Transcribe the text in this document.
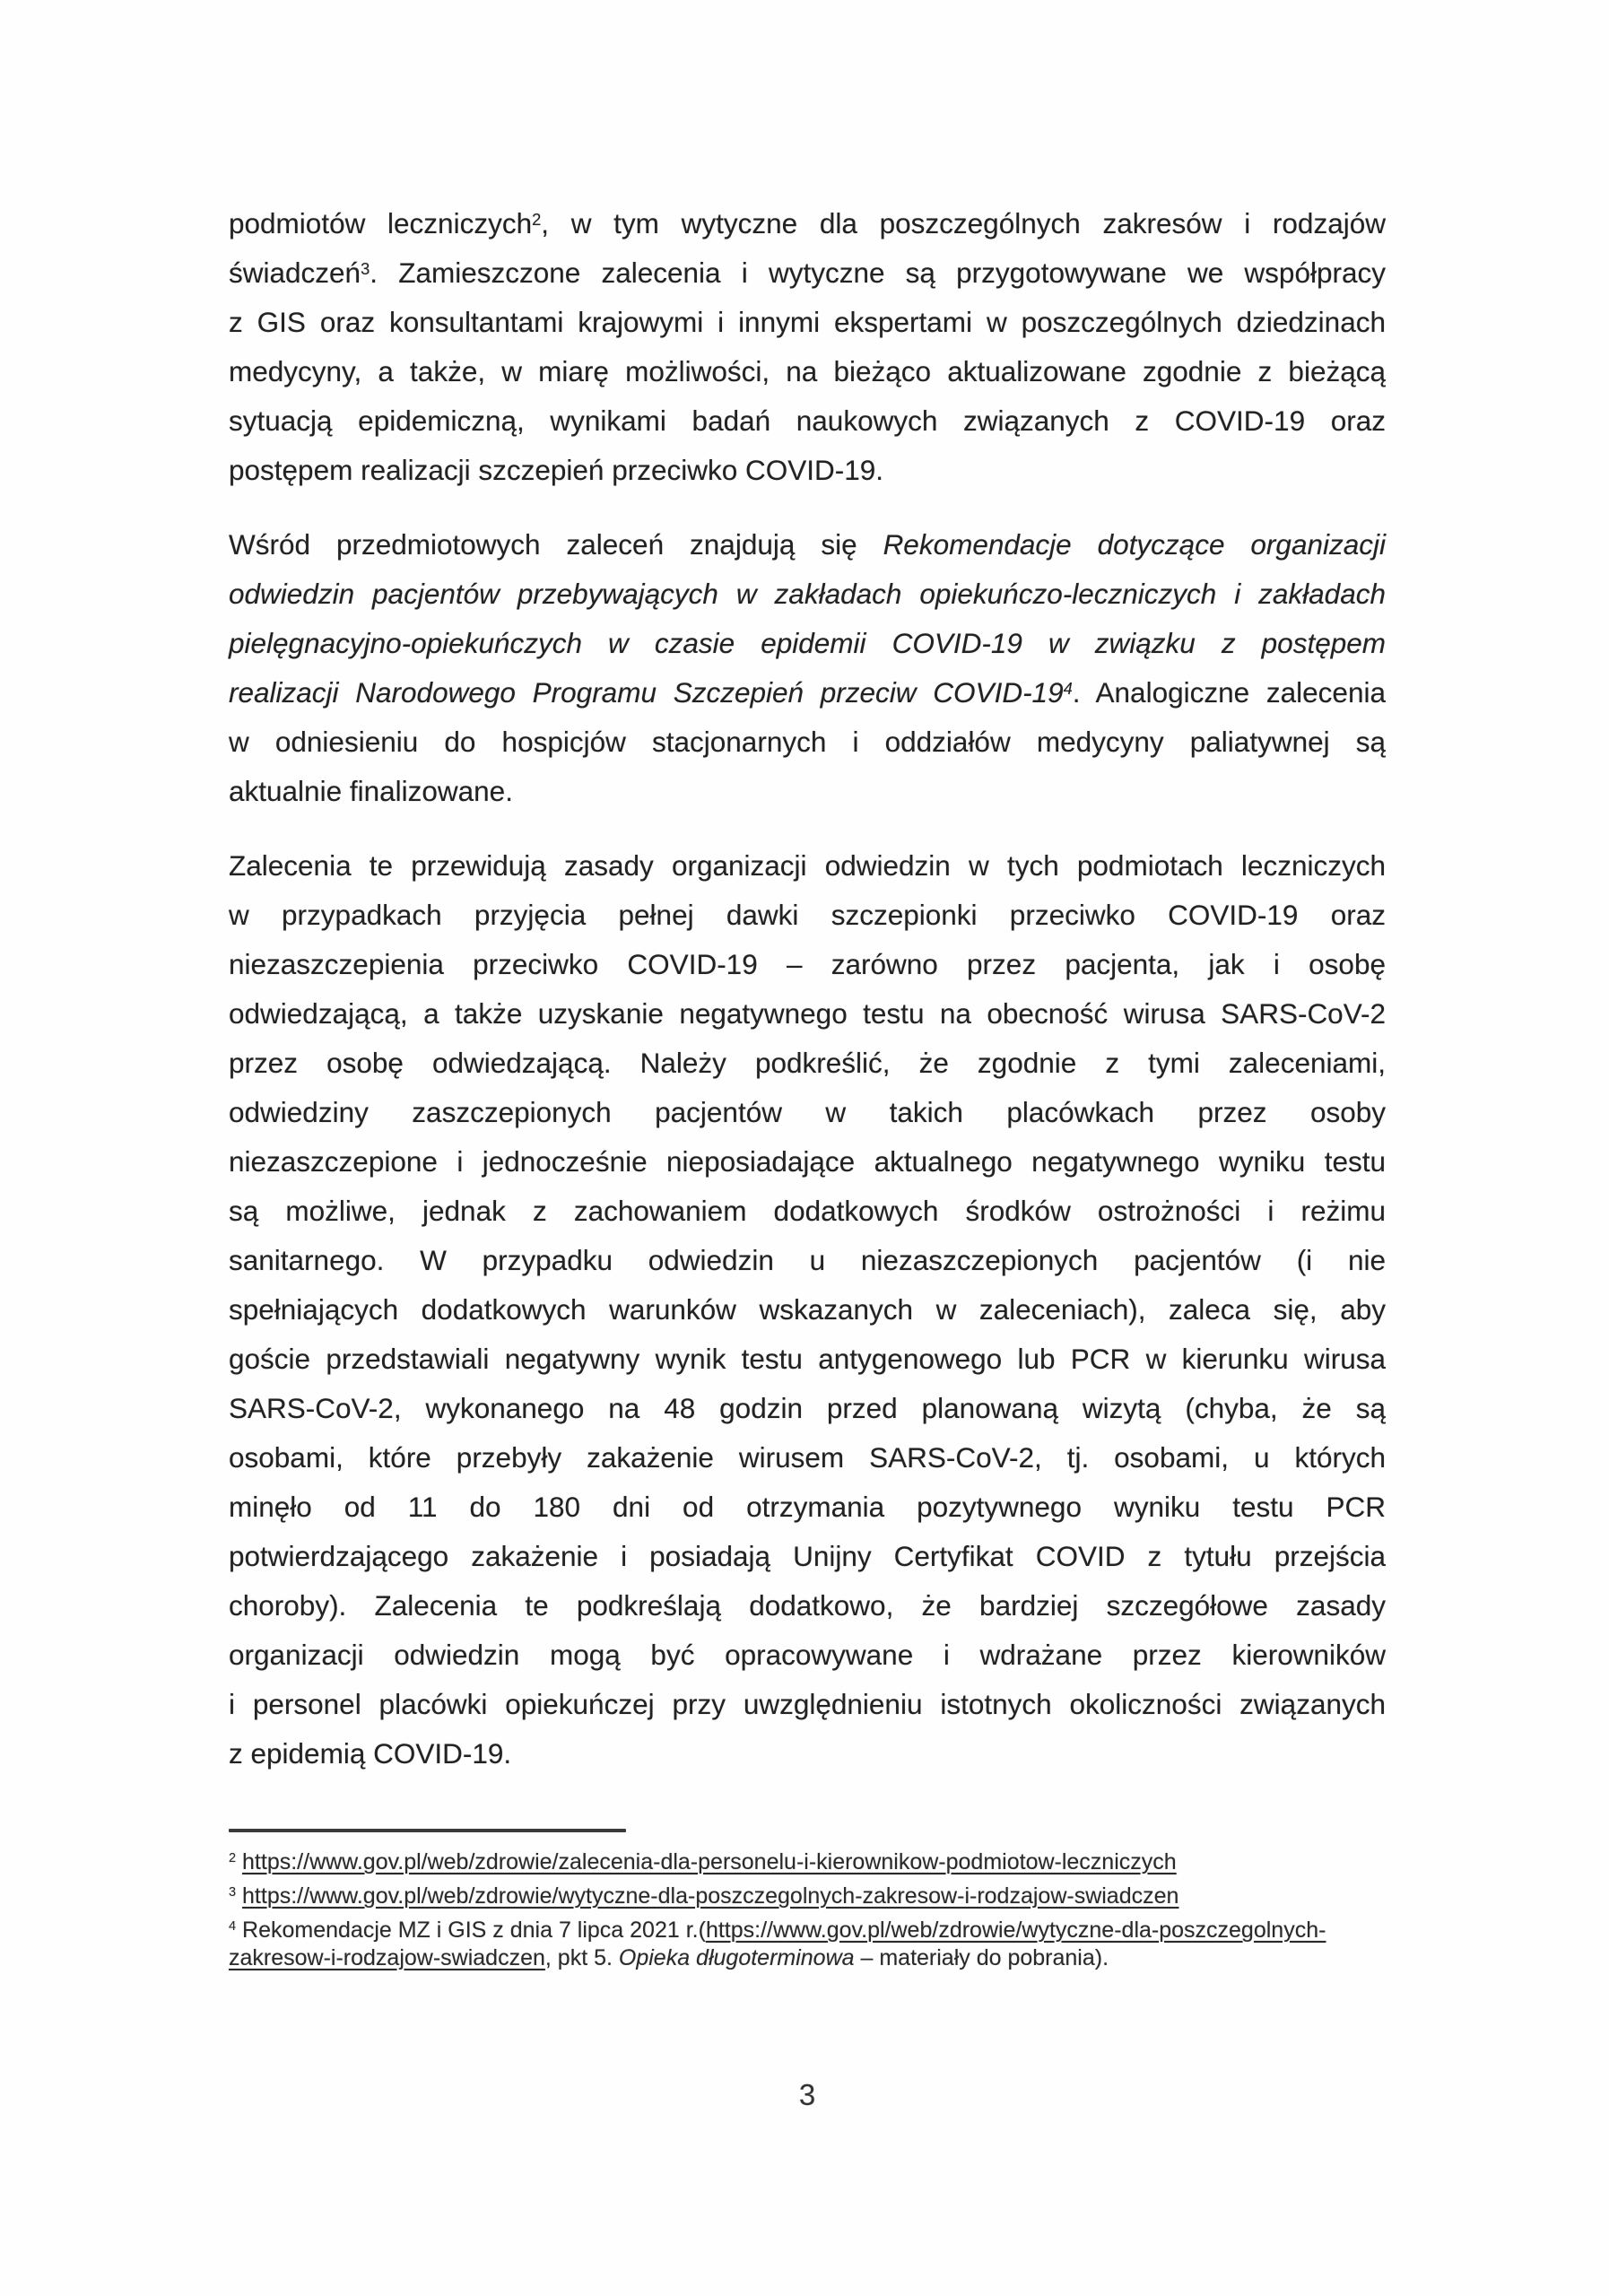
podmiotów leczniczych$^2$, w tym wytyczne dla poszczególnych zakresów i rodzajów
świadczeń$^3$. Zamieszczone zalecenia i wytyczne są przygotowywane we współpracy
z GIS oraz konsultantami krajowymi i innymi ekspertami w poszczególnych dziedzinach
medycyny, a także, w miarę możliwości, na bieżąco aktualizowane zgodnie z bieżącą
sytuacją epidemiczną, wynikami badań naukowych związanych z COVID-19 oraz
postępem realizacji szczepień przeciwko COVID-19.
Wśród przedmiotowych zaleceń znajdują się Rekomendacje dotyczące organizacji
odwiedzin pacjentów przebywających w zakładach opiekuńczo-leczniczych i zakładach
pielęgnacyjno-opiekuńczych w czasie epidemii COVID-19 w związku z postępem
realizacji Narodowego Programu Szczepień przeciw COVID-$19^4$. Analogiczne zalecenia
w odniesieniu do hospicjów stacjonarnych i oddziałów medycyny paliatywnej są
aktualnie finalizowane.
Zalecenia te przewidują zasady organizacji odwiedzin w tych podmiotach leczniczych
w przypadkach przyjęcia pełnej dawki szczepionki przeciwko COVID-19 oraz
niezaszczepienia przeciwko COVID-19 – zarówno przez pacjenta, jak i osobę
odwiedzającą, a także uzyskanie negatywnego testu na obecność wirusa SARS-CoV-2
przez osobę odwiedzającą. Należy podkreślić, że zgodnie z tymi zaleceniami,
odwiedziny zaszczepionych pacjentów w takich placówkach przez osoby
niezaszczepione i jednocześnie nieposiadające aktualnego negatywnego wyniku testu
są możliwe, jednak z zachowaniem dodatkowych środków ostrożności i reżimu
sanitarnego. W przypadku odwiedzin u niezaszczepionych pacjentów (i nie
spełniających dodatkowych warunków wskazanych w zaleceniach), zaleca się, aby
goście przedstawiali negatywny wynik testu antygenowego lub PCR w kierunku wirusa
SARS-CoV-2, wykonanego na 48 godzin przed planowaną wizytą (chyba, że są
osobami, które przebyły zakażenie wirusem SARS-CoV-2, tj. osobami, u których
minęło od 11 do 180 dni od otrzymania pozytywnego wyniku testu PCR
potwierdzającego zakażenie i posiadają Unijny Certyfikat COVID z tytułu przejścia
choroby). Zalecenia te podkreślają dodatkowo, że bardziej szczegółowe zasady
organizacji odwiedzin mogą być opracowywane i wdrażane przez kierowników
i personel placówki opiekuńczej przy uwzględnieniu istotnych okoliczności związanych
z epidemią COVID-19.
$^2$ https://www.gov.pl/web/zdrowie/zalecenia-dla-personelu-i-kierownikow-podmiotow-leczniczych
$^3$ https://www.gov.pl/web/zdrowie/wytyczne-dla-poszczegolnych-zakresow-i-rodzajow-swiadczen
$^4$ Rekomendacje MZ i GIS z dnia 7 lipca 2021 r.(https://www.gov.pl/web/zdrowie/wytyczne-dla-poszczegolnych-
zakresow-i-rodzajow-swiadczen, pkt 5. Opieka długoterminowa – materiały do pobrania).
3
